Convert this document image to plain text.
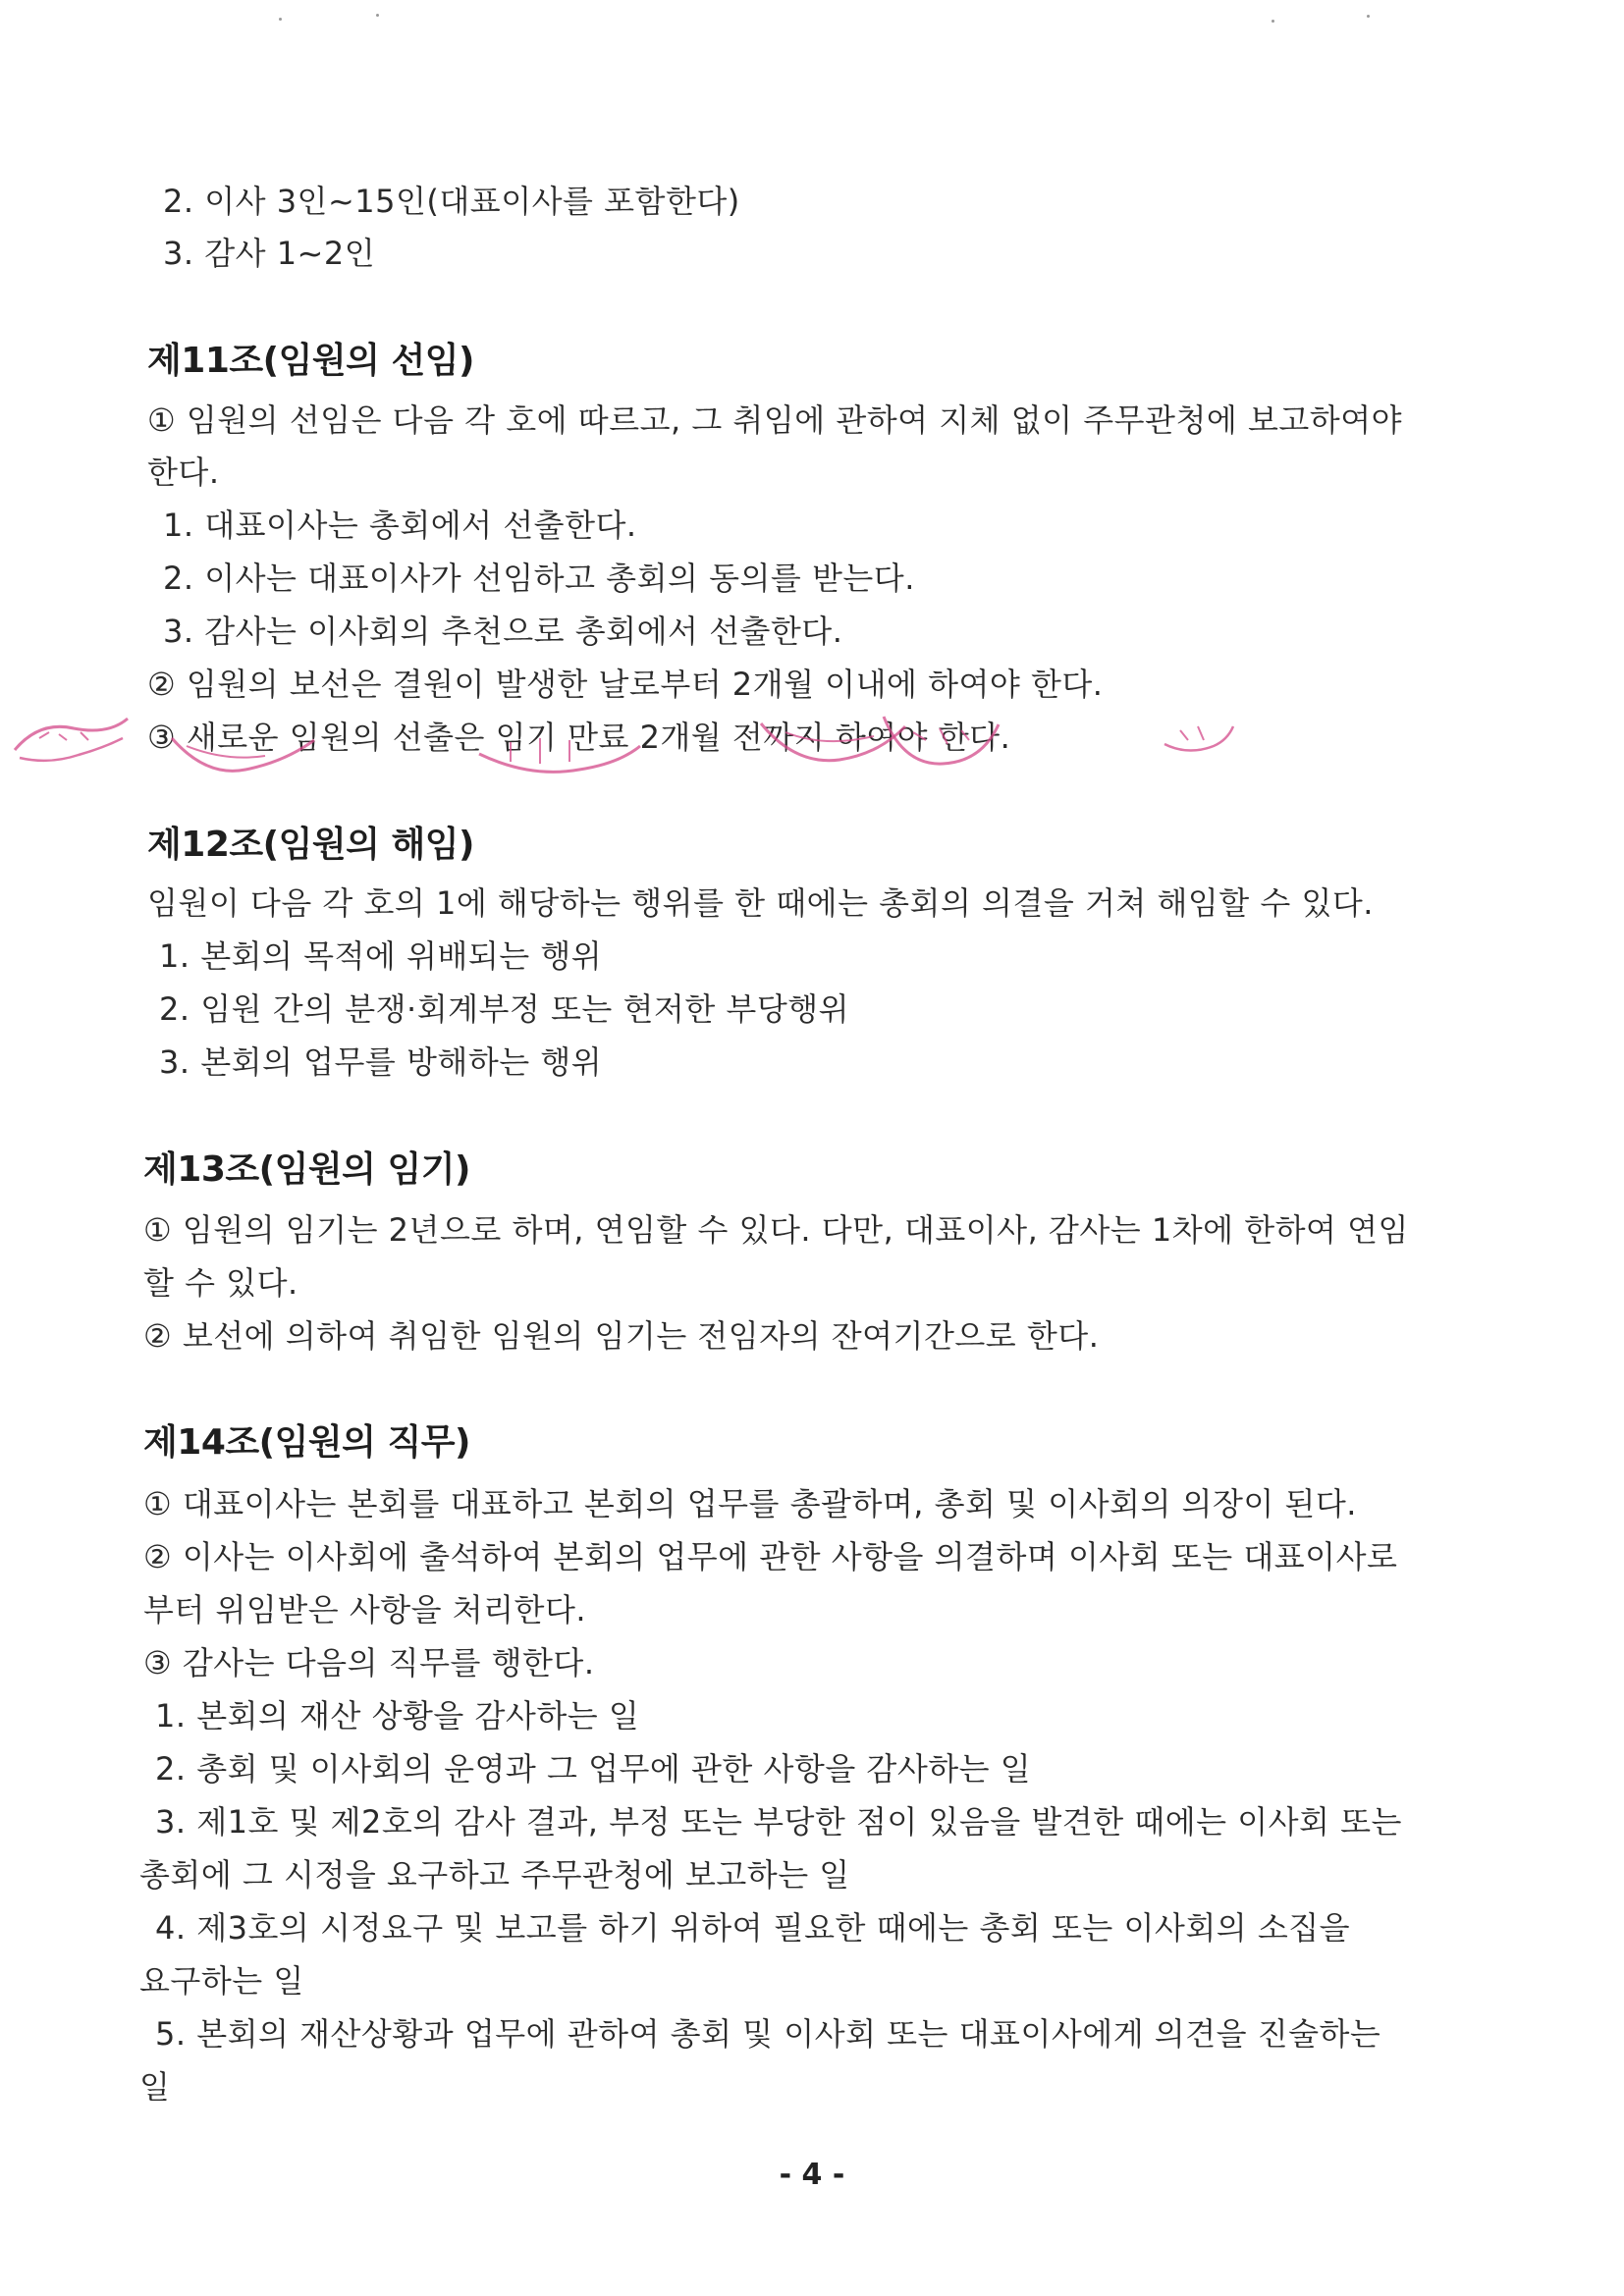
2. 이사 3인~15인(대표이사를 포함한다)
3. 감사 1~2인
제11조(임원의 선임)
① 임원의 선임은 다음 각 호에 따르고, 그 취임에 관하여 지체 없이 주무관청에 보고하여야
한다.
1. 대표이사는 총회에서 선출한다.
2. 이사는 대표이사가 선임하고 총회의 동의를 받는다.
3. 감사는 이사회의 추천으로 총회에서 선출한다.
② 임원의 보선은 결원이 발생한 날로부터 2개월 이내에 하여야 한다.
③ 새로운 임원의 선출은 임기 만료 2개월 전까지 하여야 한다.
제12조(임원의 해임)
임원이 다음 각 호의 1에 해당하는 행위를 한 때에는 총회의 의결을 거쳐 해임할 수 있다.
1. 본회의 목적에 위배되는 행위
2. 임원 간의 분쟁·회계부정 또는 현저한 부당행위
3. 본회의 업무를 방해하는 행위
제13조(임원의 임기)
① 임원의 임기는 2년으로 하며, 연임할 수 있다. 다만, 대표이사, 감사는 1차에 한하여 연임
할 수 있다.
② 보선에 의하여 취임한 임원의 임기는 전임자의 잔여기간으로 한다.
제14조(임원의 직무)
① 대표이사는 본회를 대표하고 본회의 업무를 총괄하며, 총회 및 이사회의 의장이 된다.
② 이사는 이사회에 출석하여 본회의 업무에 관한 사항을 의결하며 이사회 또는 대표이사로
부터 위임받은 사항을 처리한다.
③ 감사는 다음의 직무를 행한다.
1. 본회의 재산 상황을 감사하는 일
2. 총회 및 이사회의 운영과 그 업무에 관한 사항을 감사하는 일
3. 제1호 및 제2호의 감사 결과, 부정 또는 부당한 점이 있음을 발견한 때에는 이사회 또는
총회에 그 시정을 요구하고 주무관청에 보고하는 일
4. 제3호의 시정요구 및 보고를 하기 위하여 필요한 때에는 총회 또는 이사회의 소집을
요구하는 일
5. 본회의 재산상황과 업무에 관하여 총회 및 이사회 또는 대표이사에게 의견을 진술하는
일
- 4 -
